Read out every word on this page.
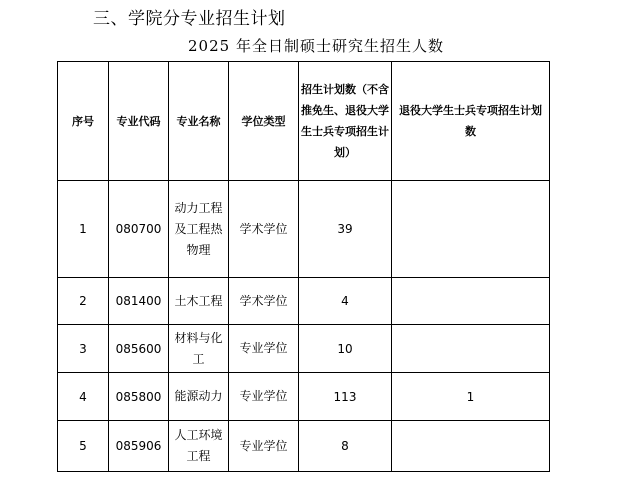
三、学院分专业招生计划
2025 年全日制硕士研究生招生人数
序号	专业代码	专业名称	学位类型	招生计划数（不含推免生、退役大学生士兵专项招生计划）	退役大学生士兵专项招生计划数
1	080700	动力工程及工程热物理	学术学位	39	
2	081400	土木工程	学术学位	4	
3	085600	材料与化工	专业学位	10	
4	085800	能源动力	专业学位	113	1
5	085906	人工环境工程	专业学位	8	
